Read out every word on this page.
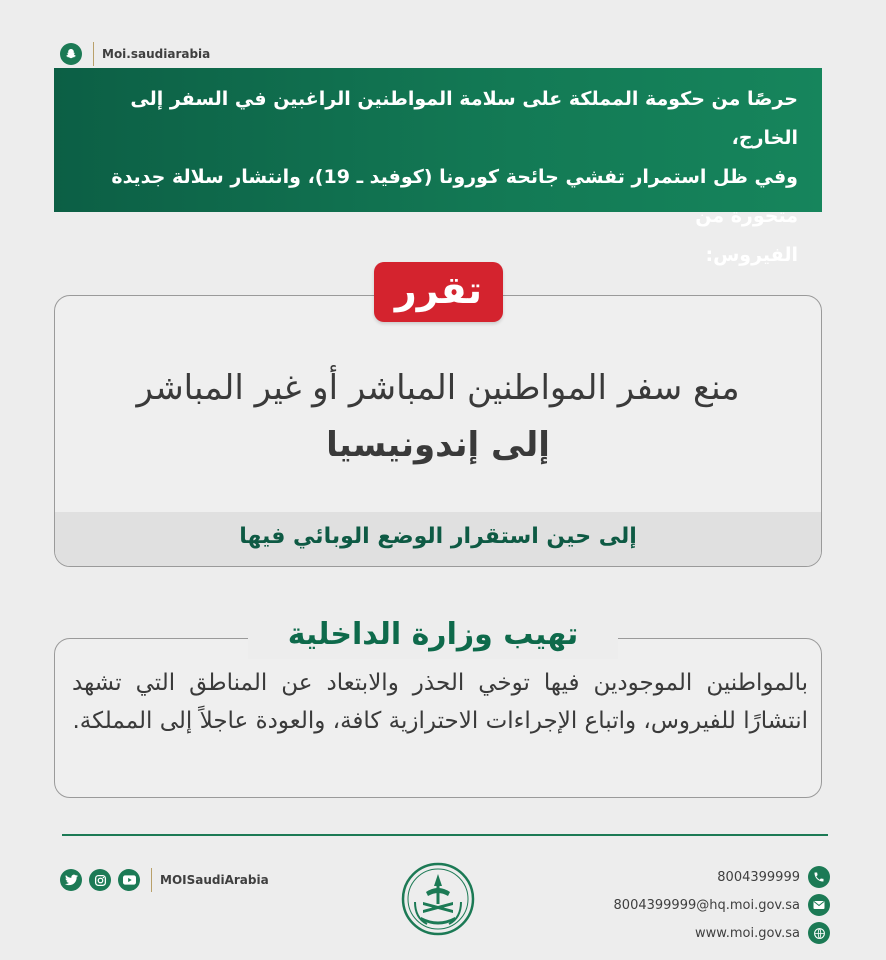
حرصًا من حكومة المملكة على سلامة المواطنين الراغبين في السفر إلى الخارج،
وفي ظل استمرار تفشي جائحة كورونا (كوفيد ـ 19)، وانتشار سلالة جديدة متحورة من
الفيروس:
منع سفر المواطنين المباشر أو غير المباشر
إلى إندونيسيا
إلى حين استقرار الوضع الوبائي فيها
تقرر
تهيب وزارة الداخلية
بالمواطنين الموجودين فيها توخي الحذر والابتعاد عن المناطق التي تشهد انتشارًا للفيروس، واتباع الإجراءات الاحترازية كافة، والعودة عاجلاً إلى المملكة.
MOISaudiArabia
Moi.saudiarabia
8004399999
8004399999@hq.moi.gov.sa
www.moi.gov.sa
